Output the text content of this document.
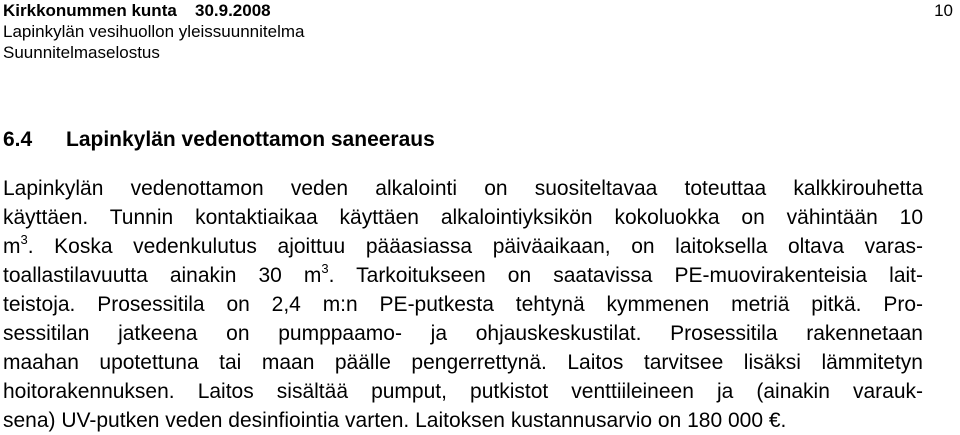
Kirkkonummen kunta 30.9.2008
Lapinkylän vesihuollon yleissuunnitelma
Suunnitelmaselostus
10
6.4 Lapinkylän vedenottamon saneeraus
Lapinkylän vedenottamon veden alkalointi on suositeltavaa toteuttaa kalkkirouhetta
käyttäen. Tunnin kontaktiaikaa käyttäen alkalointiyksikön kokoluokka on vähintään 10
$m^3$. Koska vedenkulutus ajoittuu pääasiassa päiväaikaan, on laitoksella oltava varas-
toallastilavuutta ainakin 30 $m^3$. Tarkoitukseen on saatavissa PE-muovirakenteisia lait-
teistoja. Prosessitila on 2,4 m:n PE-putkesta tehtynä kymmenen metriä pitkä. Pro-
sessitilan jatkeena on pumppaamo- ja ohjauskeskustilat. Prosessitila rakennetaan
maahan upotettuna tai maan päälle pengerrettynä. Laitos tarvitsee lisäksi lämmitetyn
hoitorakennuksen. Laitos sisältää pumput, putkistot venttiileineen ja (ainakin varauk-
sena) UV-putken veden desinfiointia varten. Laitoksen kustannusarvio on 180 000 €.
